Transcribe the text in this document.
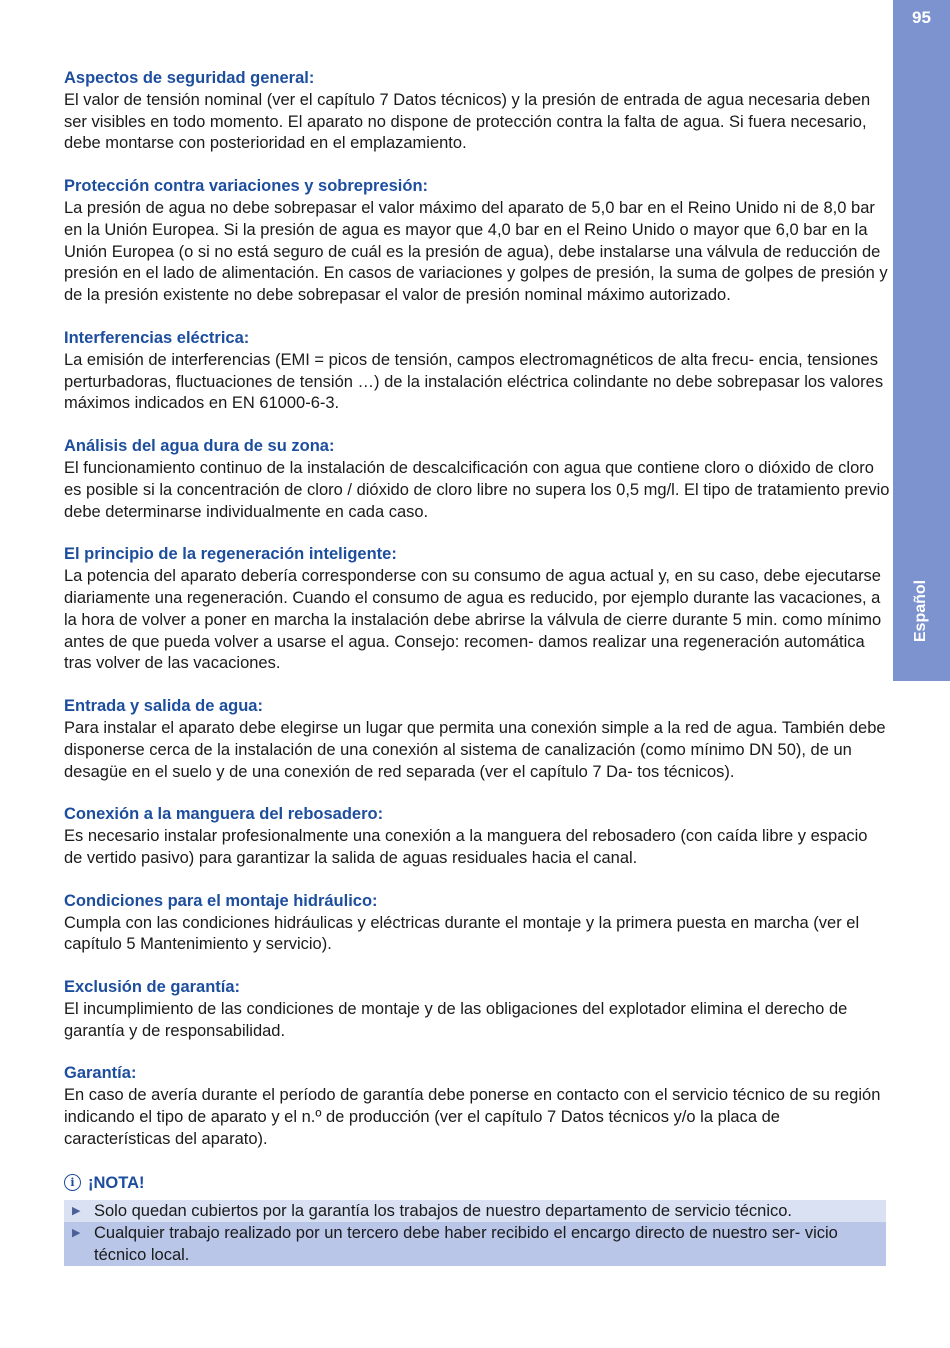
95
Español
Aspectos de seguridad general:

El valor de tensión nominal (ver el capítulo 7 Datos técnicos) y la presión de entrada de agua necesaria deben ser visibles en todo momento. El aparato no dispone de protección contra la falta de agua. Si fuera necesario, debe montarse con posterioridad en el emplazamiento.

Protección contra variaciones y sobrepresión:

La presión de agua no debe sobrepasar el valor máximo del aparato de 5,0 bar en el Reino Unido ni de 8,0 bar en la Unión Europea. Si la presión de agua es mayor que 4,0 bar en el Reino Unido o mayor que 6,0 bar en la Unión Europea (o si no está seguro de cuál es la presión de agua), debe instalarse una válvula de reducción de presión en el lado de alimentación. En casos de variaciones y golpes de presión, la suma de golpes de presión y de la presión existente no debe sobrepasar el valor de presión nominal máximo autorizado.

Interferencias eléctrica:

La emisión de interferencias (EMI = picos de tensión, campos electromagnéticos de alta frecu- encia, tensiones perturbadoras, fluctuaciones de tensión …) de la instalación eléctrica colindante no debe sobrepasar los valores máximos indicados en EN 61000-6-3.

Análisis del agua dura de su zona:

El funcionamiento continuo de la instalación de descalcificación con agua que contiene cloro o dióxido de cloro es posible si la concentración de cloro / dióxido de cloro libre no supera los 0,5 mg/l. El tipo de tratamiento previo debe determinarse individualmente en cada caso.

El principio de la regeneración inteligente:

La potencia del aparato debería corresponderse con su consumo de agua actual y, en su caso, debe ejecutarse diariamente una regeneración. Cuando el consumo de agua es reducido, por ejemplo durante las vacaciones, a la hora de volver a poner en marcha la instalación debe abrirse la válvula de cierre durante 5 min. como mínimo antes de que pueda volver a usarse el agua. Consejo: recomen- damos realizar una regeneración automática tras volver de las vacaciones.

Entrada y salida de agua:

Para instalar el aparato debe elegirse un lugar que permita una conexión simple a la red de agua. También debe disponerse cerca de la instalación de una conexión al sistema de canalización (como mínimo DN 50), de un desagüe en el suelo y de una conexión de red separada (ver el capítulo 7 Da- tos técnicos).

Conexión a la manguera del rebosadero:

Es necesario instalar profesionalmente una conexión a la manguera del rebosadero (con caída libre y espacio de vertido pasivo) para garantizar la salida de aguas residuales hacia el canal.

Condiciones para el montaje hidráulico:

Cumpla con las condiciones hidráulicas y eléctricas durante el montaje y la primera puesta en marcha (ver el capítulo 5 Mantenimiento y servicio).

Exclusión de garantía:

El incumplimiento de las condiciones de montaje y de las obligaciones del explotador elimina el derecho de garantía y de responsabilidad.

Garantía:

En caso de avería durante el período de garantía debe ponerse en contacto con el servicio técnico de su región indicando el tipo de aparato y el n.º de producción (ver el capítulo 7 Datos técnicos y/o la placa de características del aparato).

i ¡NOTA!
▶ Solo quedan cubiertos por la garantía los trabajos de nuestro departamento de servicio técnico.
▶ Cualquier trabajo realizado por un tercero debe haber recibido el encargo directo de nuestro ser- vicio técnico local.
